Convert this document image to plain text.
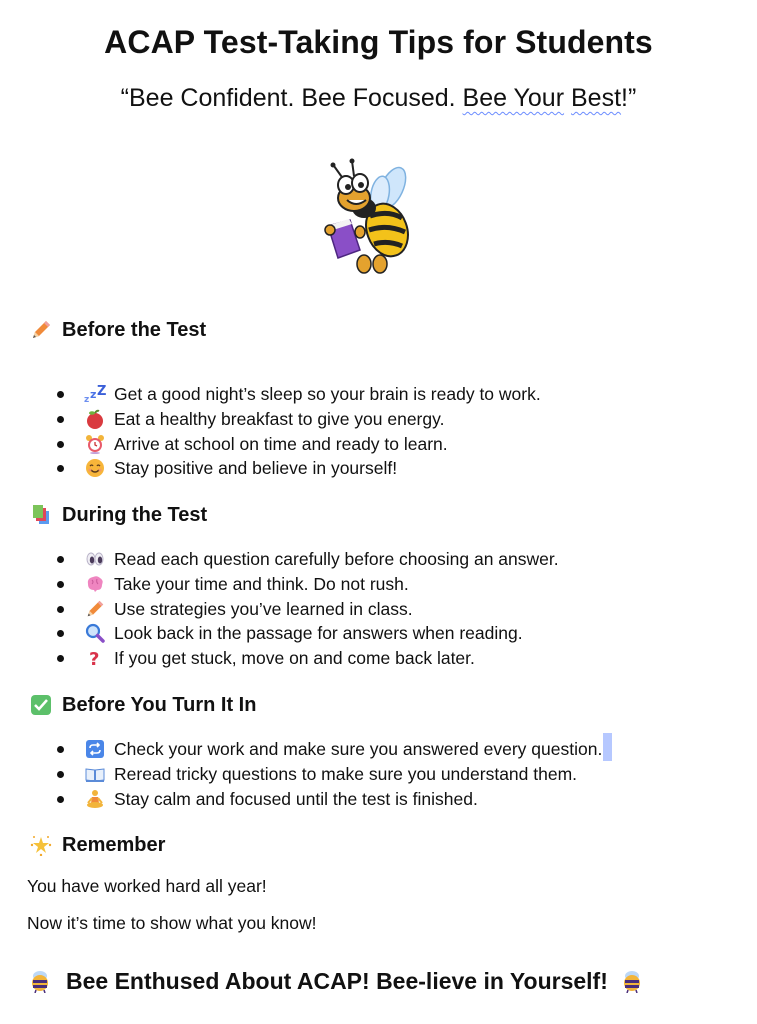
ACAP Test-Taking Tips for Students
“Bee Confident. Bee Focused. Bee Your Best!”
Before the Test
z z Z Get a good night’s sleep so your brain is ready to work.
Eat a healthy breakfast to give you energy.
Arrive at school on time and ready to learn.
Stay positive and believe in yourself!
During the Test
Read each question carefully before choosing an answer.
Take your time and think. Do not rush.
Use strategies you’ve learned in class.
Look back in the passage for answers when reading.
? If you get stuck, move on and come back later.
Before You Turn It In
Check your work and make sure you answered every question.
Reread tricky questions to make sure you understand them.
Stay calm and focused until the test is finished.
Remember
You have worked hard all year!
Now it’s time to show what you know!
Bee Enthused About ACAP! Bee-lieve in Yourself!
